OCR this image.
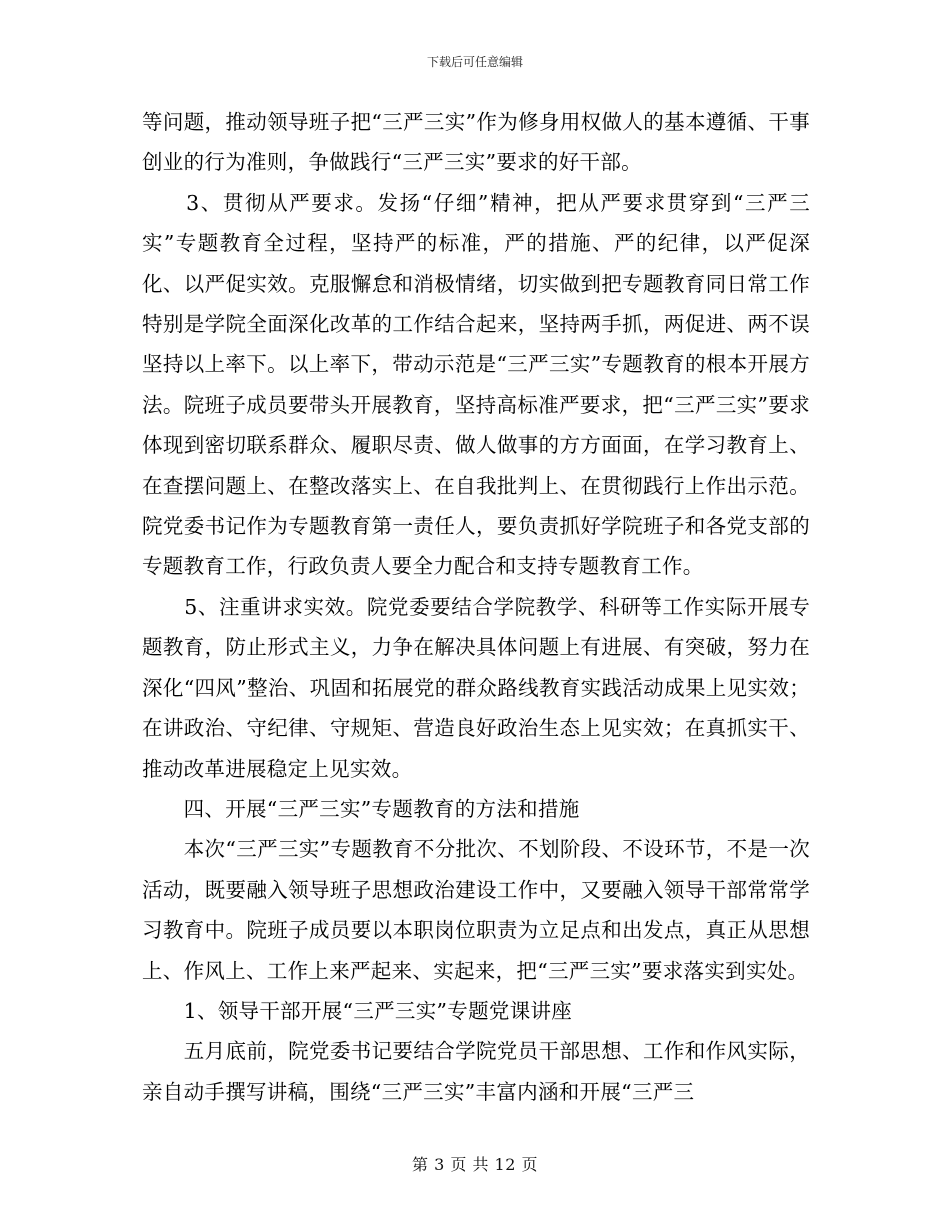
下载后可任意编辑

等问题，推动领导班子把“三严三实”作为修身用权做人的基本遵循、干事创业的行为准则，争做践行“三严三实”要求的好干部。

　　3、贯彻从严要求。发扬“仔细”精神，把从严要求贯穿到“三严三实”专题教育全过程，坚持严的标准，严的措施、严的纪律，以严促深化、以严促实效。克服懈怠和消极情绪，切实做到把专题教育同日常工作特别是学院全面深化改革的工作结合起来，坚持两手抓，两促进、两不误坚持以上率下。以上率下，带动示范是“三严三实”专题教育的根本开展方法。院班子成员要带头开展教育，坚持高标准严要求，把“三严三实”要求体现到密切联系群众、履职尽责、做人做事的方方面面，在学习教育上、在查摆问题上、在整改落实上、在自我批判上、在贯彻践行上作出示范。院党委书记作为专题教育第一责任人，要负责抓好学院班子和各党支部的专题教育工作，行政负责人要全力配合和支持专题教育工作。

　　5、注重讲求实效。院党委要结合学院教学、科研等工作实际开展专题教育，防止形式主义，力争在解决具体问题上有进展、有突破，努力在深化“四风”整治、巩固和拓展党的群众路线教育实践活动成果上见实效；在讲政治、守纪律、守规矩、营造良好政治生态上见实效；在真抓实干、推动改革进展稳定上见实效。

　　四、开展“三严三实”专题教育的方法和措施

　　本次“三严三实”专题教育不分批次、不划阶段、不设环节，不是一次活动，既要融入领导班子思想政治建设工作中，又要融入领导干部常常学习教育中。院班子成员要以本职岗位职责为立足点和出发点，真正从思想上、作风上、工作上来严起来、实起来，把“三严三实”要求落实到实处。

　　1、领导干部开展“三严三实”专题党课讲座

　　五月底前，院党委书记要结合学院党员干部思想、工作和作风实际，亲自动手撰写讲稿，围绕“三严三实”丰富内涵和开展“三严三

第 3 页 共 12 页
